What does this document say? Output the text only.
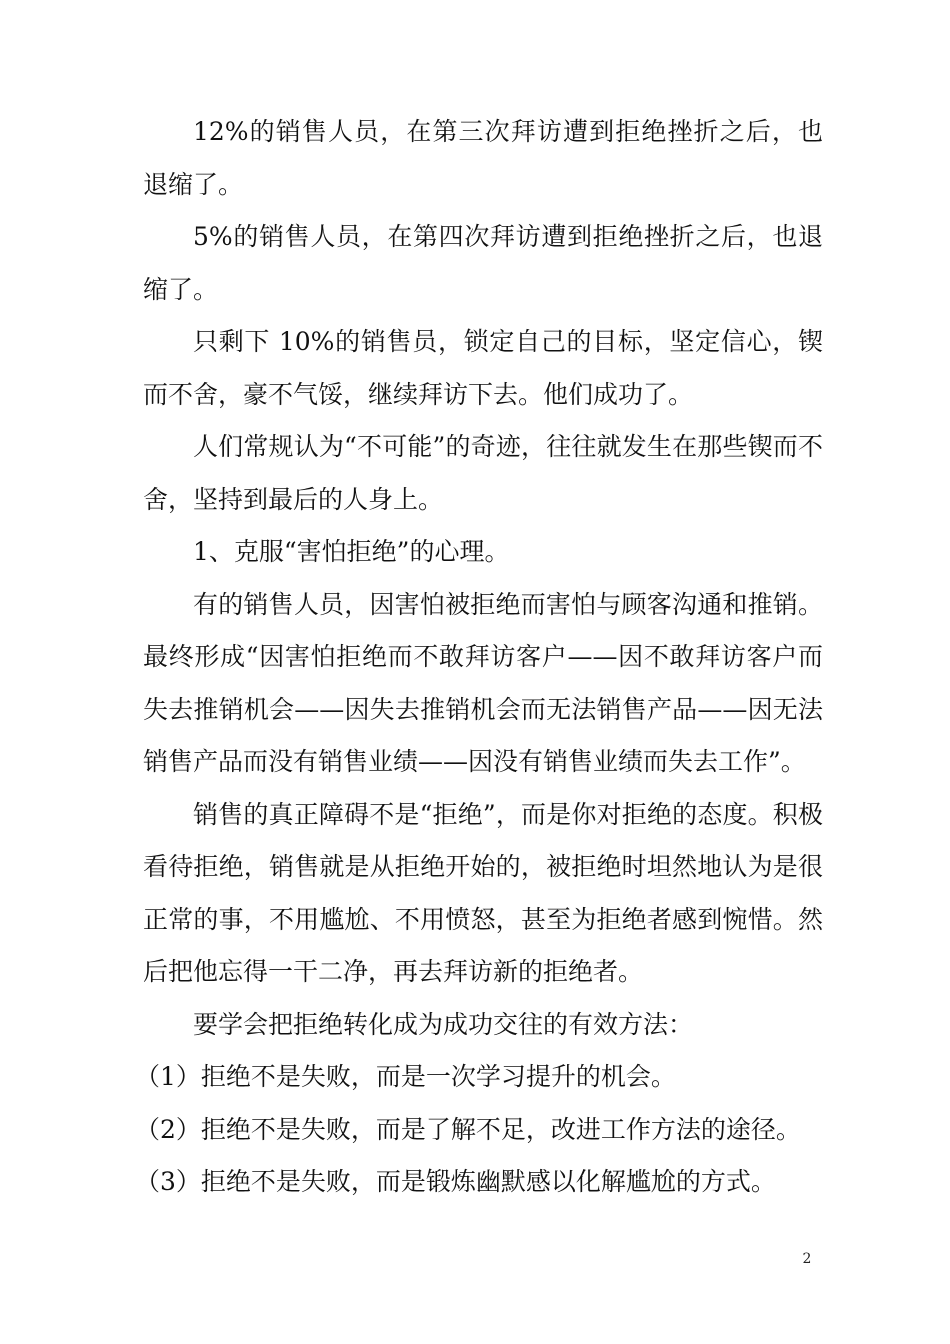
12%的销售人员，在第三次拜访遭到拒绝挫折之后，也退缩了。

5%的销售人员，在第四次拜访遭到拒绝挫折之后，也退缩了。

只剩下 10%的销售员，锁定自己的目标，坚定信心，锲而不舍，豪不气馁，继续拜访下去。他们成功了。

人们常规认为“不可能”的奇迹，往往就发生在那些锲而不舍，坚持到最后的人身上。

1、克服“害怕拒绝”的心理。

有的销售人员，因害怕被拒绝而害怕与顾客沟通和推销。最终形成“因害怕拒绝而不敢拜访客户——因不敢拜访客户而失去推销机会——因失去推销机会而无法销售产品——因无法销售产品而没有销售业绩——因没有销售业绩而失去工作”。

销售的真正障碍不是“拒绝”，而是你对拒绝的态度。积极看待拒绝，销售就是从拒绝开始的，被拒绝时坦然地认为是很正常的事，不用尴尬、不用愤怒，甚至为拒绝者感到惋惜。然后把他忘得一干二净，再去拜访新的拒绝者。

要学会把拒绝转化成为成功交往的有效方法：

（1）拒绝不是失败，而是一次学习提升的机会。

（2）拒绝不是失败，而是了解不足，改进工作方法的途径。

（3）拒绝不是失败，而是锻炼幽默感以化解尴尬的方式。

2
